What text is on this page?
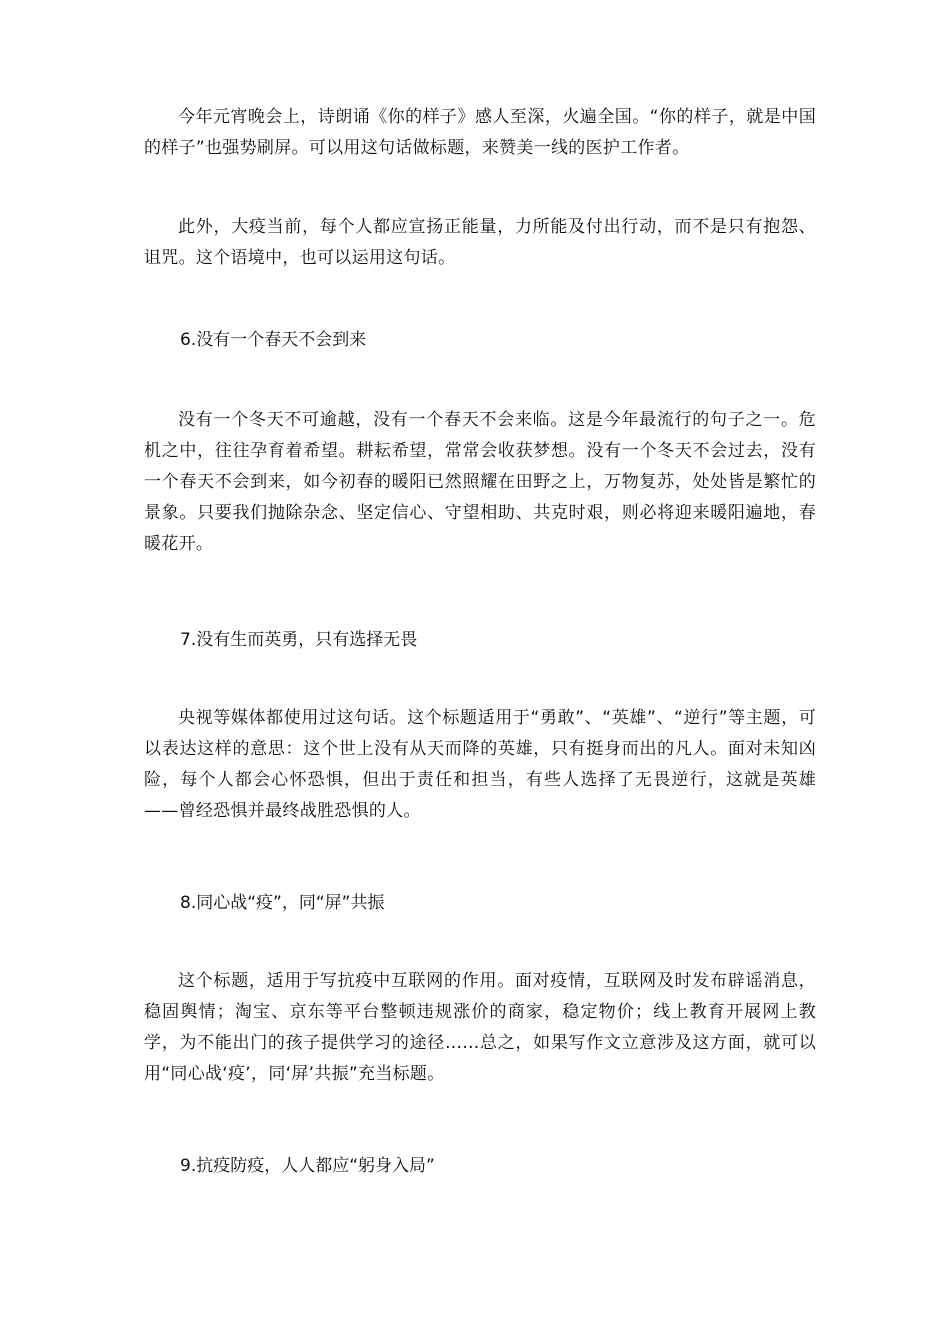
今年元宵晚会上，诗朗诵《你的样子》感人至深，火遍全国。“你的样子，就是中国的样子”也强势刷屏。可以用这句话做标题，来赞美一线的医护工作者。

此外，大疫当前，每个人都应宣扬正能量，力所能及付出行动，而不是只有抱怨、诅咒。这个语境中，也可以运用这句话。

6.没有一个春天不会到来

没有一个冬天不可逾越，没有一个春天不会来临。这是今年最流行的句子之一。危机之中，往往孕育着希望。耕耘希望，常常会收获梦想。没有一个冬天不会过去，没有一个春天不会到来，如今初春的暖阳已然照耀在田野之上，万物复苏，处处皆是繁忙的景象。只要我们抛除杂念、坚定信心、守望相助、共克时艰，则必将迎来暖阳遍地，春暖花开。

7.没有生而英勇，只有选择无畏

央视等媒体都使用过这句话。这个标题适用于“勇敢”、“英雄”、“逆行”等主题，可以表达这样的意思：这个世上没有从天而降的英雄，只有挺身而出的凡人。面对未知凶险，每个人都会心怀恐惧，但出于责任和担当，有些人选择了无畏逆行，这就是英雄——曾经恐惧并最终战胜恐惧的人。

8.同心战“疫”，同“屏”共振

这个标题，适用于写抗疫中互联网的作用。面对疫情，互联网及时发布辟谣消息，稳固舆情；淘宝、京东等平台整顿违规涨价的商家，稳定物价；线上教育开展网上教学，为不能出门的孩子提供学习的途径……总之，如果写作文立意涉及这方面，就可以用“同心战‘疫’，同‘屏’共振”充当标题。

9.抗疫防疫，人人都应“躬身入局”
